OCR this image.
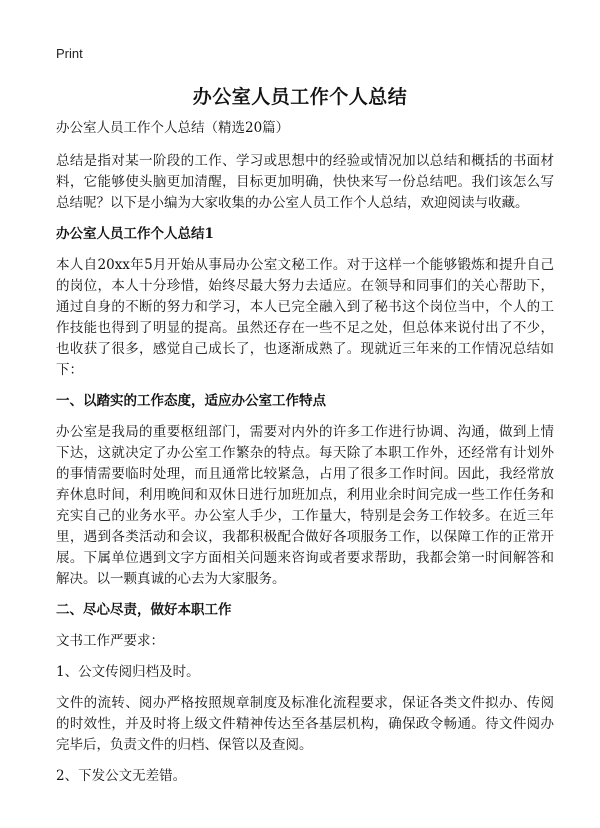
Print
办公室人员工作个人总结

办公室人员工作个人总结（精选20篇）

总结是指对某一阶段的工作、学习或思想中的经验或情况加以总结和概括的书面材料，它能够使头脑更加清醒，目标更加明确，快快来写一份总结吧。我们该怎么写总结呢？以下是小编为大家收集的办公室人员工作个人总结，欢迎阅读与收藏。

办公室人员工作个人总结1

本人自20xx年5月开始从事局办公室文秘工作。对于这样一个能够锻炼和提升自己的岗位，本人十分珍惜，始终尽最大努力去适应。在领导和同事们的关心帮助下，通过自身的不断的努力和学习，本人已完全融入到了秘书这个岗位当中，个人的工作技能也得到了明显的提高。虽然还存在一些不足之处，但总体来说付出了不少，也收获了很多，感觉自己成长了，也逐渐成熟了。现就近三年来的工作情况总结如下：

一、以踏实的工作态度，适应办公室工作特点

办公室是我局的重要枢纽部门，需要对内外的许多工作进行协调、沟通，做到上情下达，这就决定了办公室工作繁杂的特点。每天除了本职工作外，还经常有计划外的事情需要临时处理，而且通常比较紧急，占用了很多工作时间。因此，我经常放弃休息时间，利用晚间和双休日进行加班加点，利用业余时间完成一些工作任务和充实自己的业务水平。办公室人手少，工作量大，特别是会务工作较多。在近三年里，遇到各类活动和会议，我都积极配合做好各项服务工作，以保障工作的正常开展。下属单位遇到文字方面相关问题来咨询或者要求帮助，我都会第一时间解答和解决。以一颗真诚的心去为大家服务。

二、尽心尽责，做好本职工作

文书工作严要求：

1、公文传阅归档及时。

文件的流转、阅办严格按照规章制度及标准化流程要求，保证各类文件拟办、传阅的时效性，并及时将上级文件精神传达至各基层机构，确保政令畅通。待文件阅办完毕后，负责文件的归档、保管以及查阅。

2、下发公文无差错。
